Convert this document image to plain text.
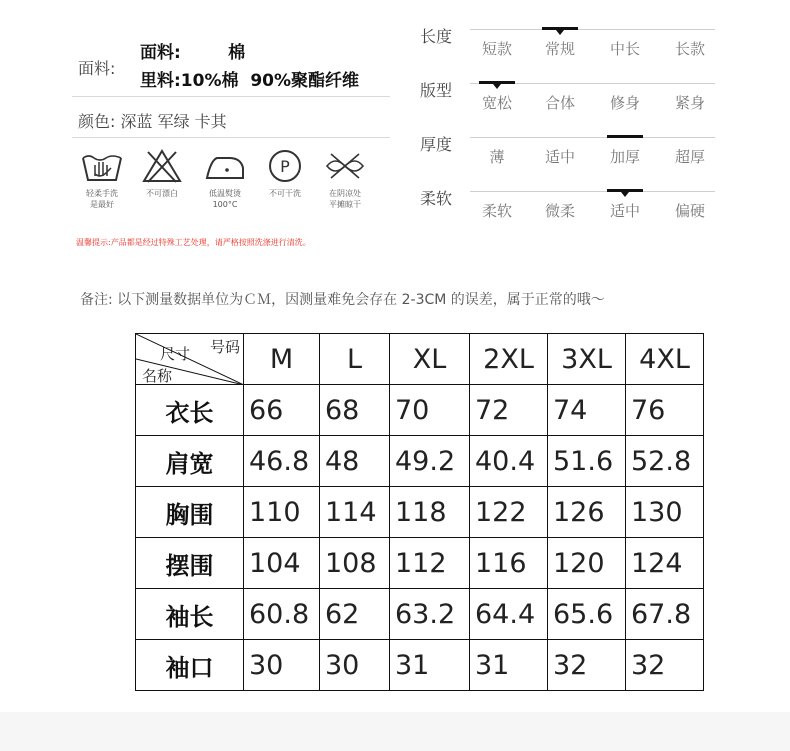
面料:
面料:        棉
里料:10%棉  90%聚酯纤维
颜色: 深蓝 军绿 卡其
轻柔手洗
是最好
不可漂白	低温熨烫
100°C
P
不可干洗	在阴凉处
平摊晾干
温馨提示:产品都是经过特殊工艺处理，请严格按照洗涤进行清洗。
长度
短款	常规	中长	长款
版型
宽松	合体	修身	紧身
厚度
薄	适中	加厚	超厚
柔软
柔软	微柔	适中	偏硬
备注: 以下测量数据单位为ＣＭ，因测量难免会存在 2-3CM 的误差，属于正常的哦～
号码
尺寸
名称	M	L	XL	2XL	3XL	4XL
衣长	66	68	70	72	74	76
肩宽	46.8	48	49.2	40.4	51.6	52.8
胸围	110	114	118	122	126	130
摆围	104	108	112	116	120	124
袖长	60.8	62	63.2	64.4	65.6	67.8
袖口	30	30	31	31	32	32
